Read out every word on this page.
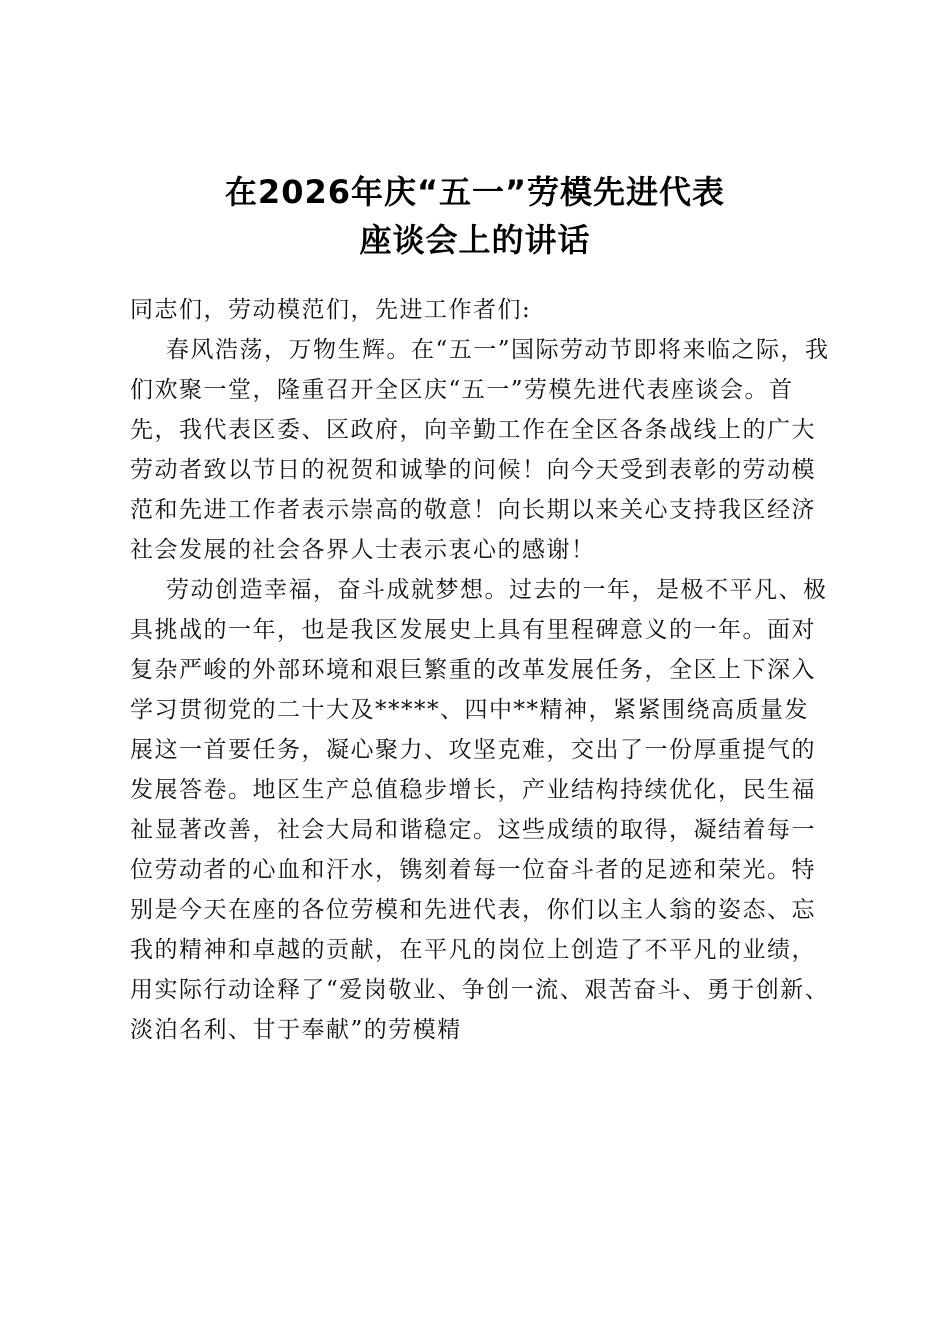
在2026年庆“五一”劳模先进代表
座谈会上的讲话

同志们，劳动模范们，先进工作者们:

春风浩荡，万物生辉。在“五一”国际劳动节即将来临之际，我们欢聚一堂，隆重召开全区庆“五一”劳模先进代表座谈会。首先，我代表区委、区政府，向辛勤工作在全区各条战线上的广大劳动者致以节日的祝贺和诚挚的问候！向今天受到表彰的劳动模范和先进工作者表示崇高的敬意！向长期以来关心支持我区经济社会发展的社会各界人士表示衷心的感谢！

劳动创造幸福，奋斗成就梦想。过去的一年，是极不平凡、极具挑战的一年，也是我区发展史上具有里程碑意义的一年。面对复杂严峻的外部环境和艰巨繁重的改革发展任务，全区上下深入学习贯彻党的二十大及*****、四中**精神，紧紧围绕高质量发展这一首要任务，凝心聚力、攻坚克难，交出了一份厚重提气的发展答卷。地区生产总值稳步增长，产业结构持续优化，民生福祉显著改善，社会大局和谐稳定。这些成绩的取得，凝结着每一位劳动者的心血和汗水，镌刻着每一位奋斗者的足迹和荣光。特别是今天在座的各位劳模和先进代表，你们以主人翁的姿态、忘我的精神和卓越的贡献，在平凡的岗位上创造了不平凡的业绩，用实际行动诠释了“爱岗敬业、争创一流、艰苦奋斗、勇于创新、淡泊名利、甘于奉献”的劳模精
